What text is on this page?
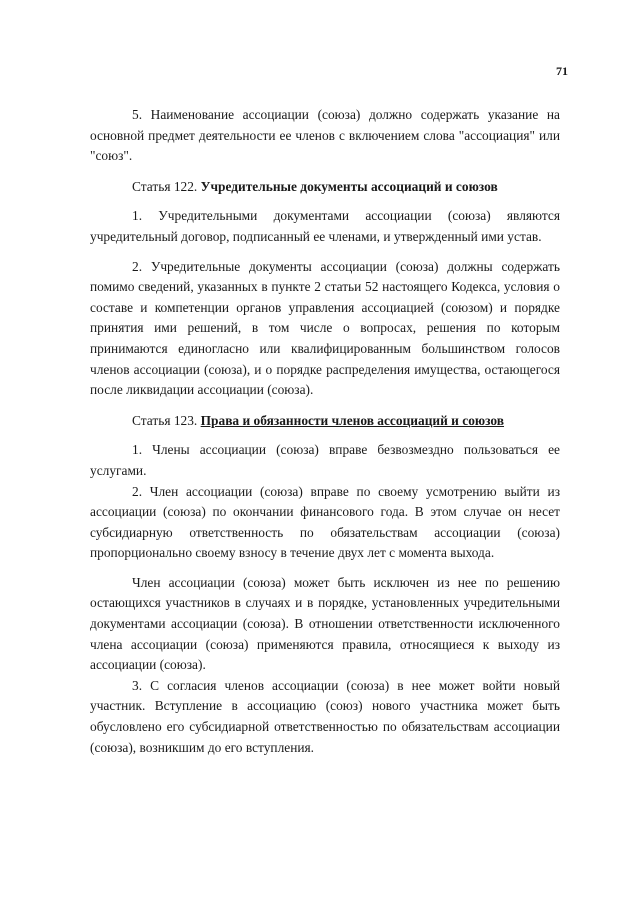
71

5. Наименование ассоциации (союза) должно содержать указание на основной предмет деятельности ее членов с включением слова "ассоциация" или "союз".

Статья 122. Учредительные документы ассоциаций и союзов

1. Учредительными документами ассоциации (союза) являются учредительный договор, подписанный ее членами, и утвержденный ими устав.

2. Учредительные документы ассоциации (союза) должны содержать помимо сведений, указанных в пункте 2 статьи 52 настоящего Кодекса, условия о составе и компетенции органов управления ассоциацией (союзом) и порядке принятия ими решений, в том числе о вопросах, решения по которым принимаются единогласно или квалифицированным большинством голосов членов ассоциации (союза), и о порядке распределения имущества, остающегося после ликвидации ассоциации (союза).

Статья 123. Права и обязанности членов ассоциаций и союзов

1. Члены ассоциации (союза) вправе безвозмездно пользоваться ее услугами.

2. Член ассоциации (союза) вправе по своему усмотрению выйти из ассоциации (союза) по окончании финансового года. В этом случае он несет субсидиарную ответственность по обязательствам ассоциации (союза) пропорционально своему взносу в течение двух лет с момента выхода.

Член ассоциации (союза) может быть исключен из нее по решению остающихся участников в случаях и в порядке, установленных учредительными документами ассоциации (союза). В отношении ответственности исключенного члена ассоциации (союза) применяются правила, относящиеся к выходу из ассоциации (союза).

3. С согласия членов ассоциации (союза) в нее может войти новый участник. Вступление в ассоциацию (союз) нового участника может быть обусловлено его субсидиарной ответственностью по обязательствам ассоциации (союза), возникшим до его вступления.
